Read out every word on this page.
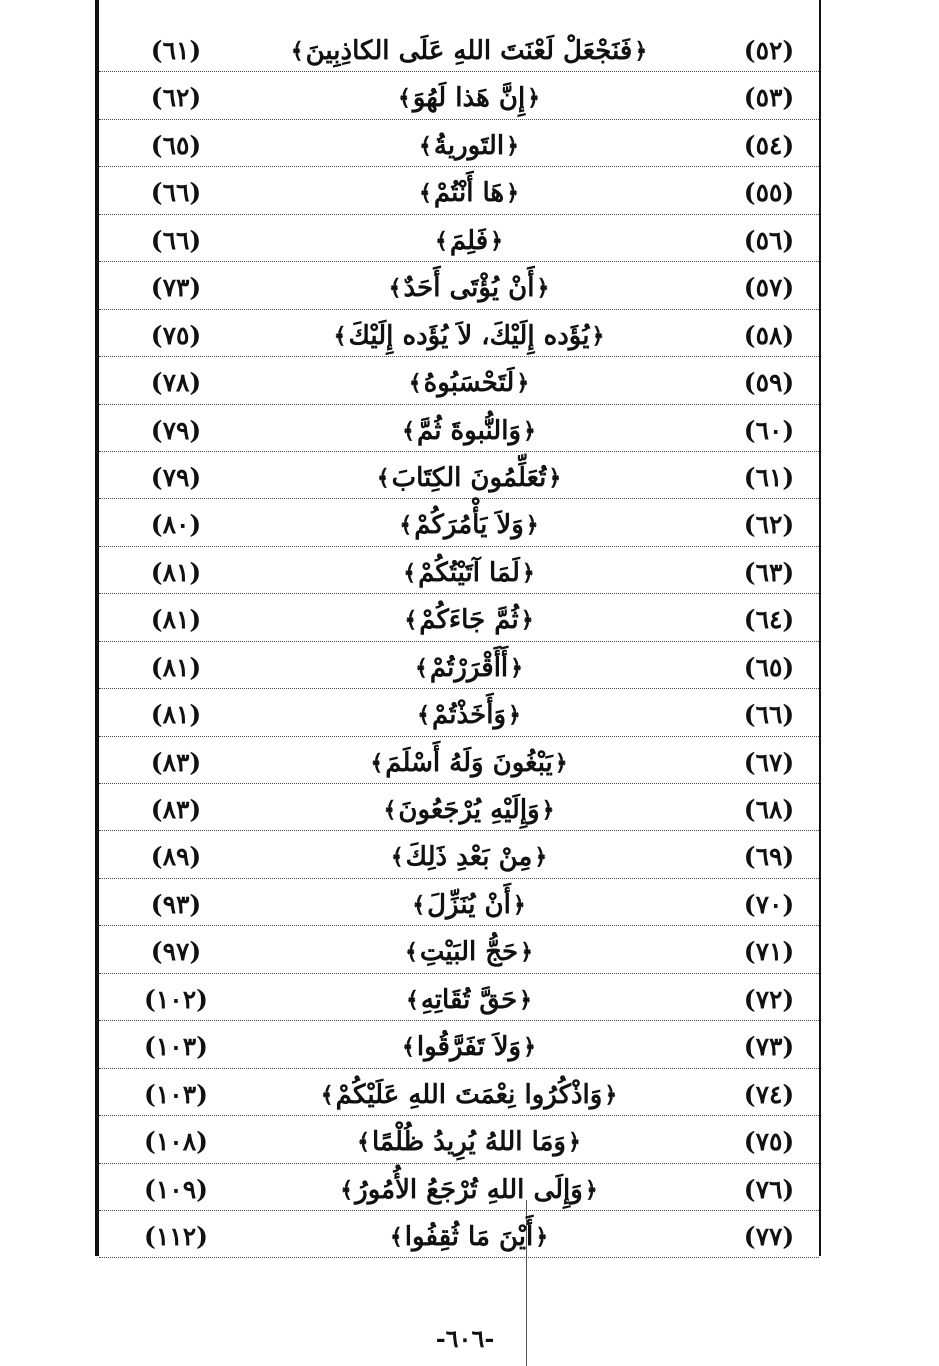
(٦١)	﴿فَنَجْعَلْ لَعْنَتَ اللهِ عَلَى الكاذِبِينَ﴾	(٥٢)
(٦٢)	﴿إِنَّ هَذا لَهُوَ﴾	(٥٣)
(٦٥)	﴿التَوريةُ﴾	(٥٤)
(٦٦)	﴿هَا أَنْتُمْ﴾	(٥٥)
(٦٦)	﴿فَلِمَ﴾	(٥٦)
(٧٣)	﴿أَنْ يُؤْتَى أَحَدٌ﴾	(٥٧)
(٧٥)	﴿يُؤَده إِلَيْكَ، لاَ يُؤَده إِلَيْكَ﴾	(٥٨)
(٧٨)	﴿لَتَحْسَبُوهُ﴾	(٥٩)
(٧٩)	﴿وَالنُّبوةَ ثُمَّ﴾	(٦٠)
(٧٩)	﴿تُعَلِّمُونَ الكِتَابَ﴾	(٦١)
(٨٠)	﴿وَلاَ يَأْمُرَكُمْ﴾	(٦٢)
(٨١)	﴿لَمَا آتَيْتُكُمْ﴾	(٦٣)
(٨١)	﴿ثُمَّ جَاءَكُمْ﴾	(٦٤)
(٨١)	﴿أَأَقْرَرْتُمْ﴾	(٦٥)
(٨١)	﴿وَأَخَذْتُمْ﴾	(٦٦)
(٨٣)	﴿يَبْغُونَ وَلَهُ أَسْلَمَ﴾	(٦٧)
(٨٣)	﴿وَإِلَيْهِ يُرْجَعُونَ﴾	(٦٨)
(٨٩)	﴿مِنْ بَعْدِ ذَلِكَ﴾	(٦٩)
(٩٣)	﴿أَنْ يُنَزِّلَ﴾	(٧٠)
(٩٧)	﴿حَجُّ البَيْتِ﴾	(٧١)
(١٠٢)	﴿حَقَّ تُقَاتِهِ﴾	(٧٢)
(١٠٣)	﴿وَلاَ تَفَرَّقُوا﴾	(٧٣)
(١٠٣)	﴿وَاذْكُرُوا نِعْمَتَ اللهِ عَلَيْكُمْ﴾	(٧٤)
(١٠٨)	﴿وَمَا اللهُ يُرِيدُ ظُلْمًا﴾	(٧٥)
(١٠٩)	﴿وَإِلَى اللهِ تُرْجَعُ الأُمُورُ﴾	(٧٦)
(١١٢)	﴿أَيْنَ مَا ثُقِفُوا﴾	(٧٧)
-٦٠٦-
